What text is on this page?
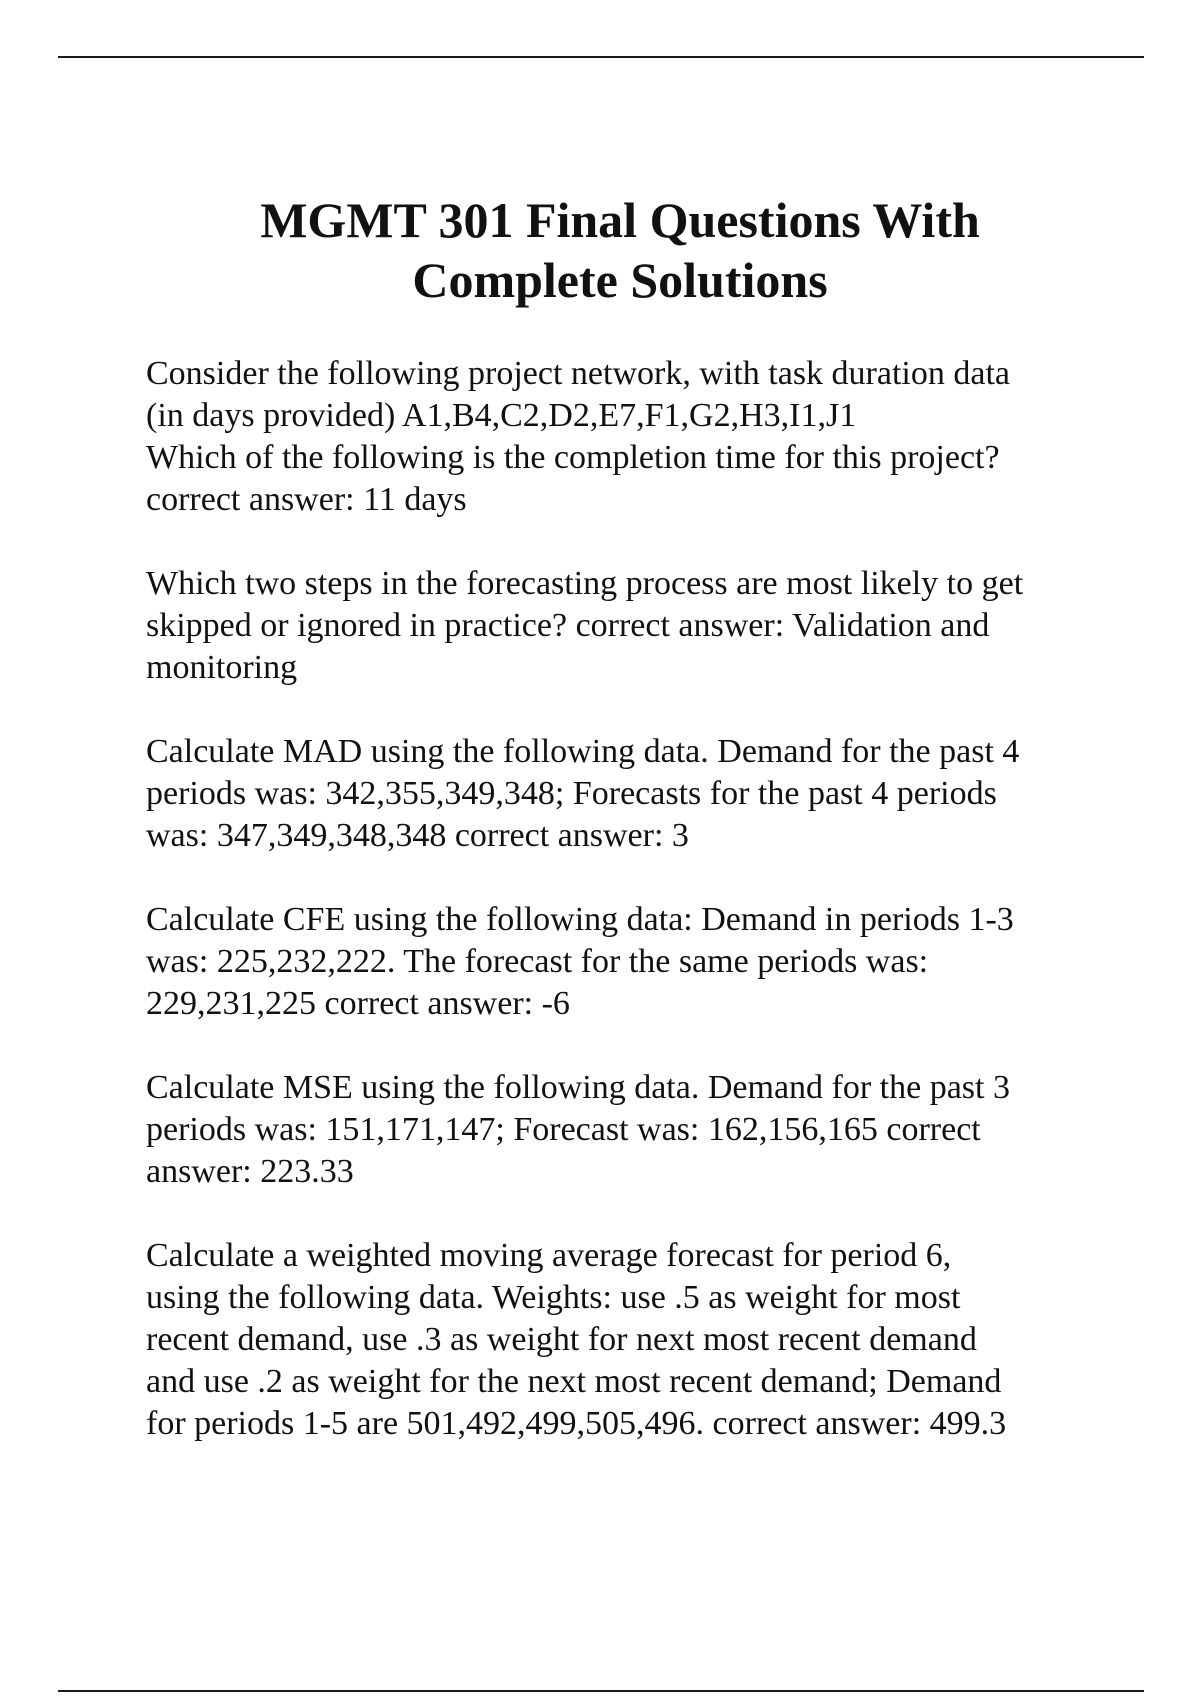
MGMT 301 Final Questions With
Complete Solutions

Consider the following project network, with task duration data
(in days provided) A1,B4,C2,D2,E7,F1,G2,H3,I1,J1
Which of the following is the completion time for this project?
correct answer: 11 days

Which two steps in the forecasting process are most likely to get
skipped or ignored in practice? correct answer: Validation and
monitoring

Calculate MAD using the following data. Demand for the past 4
periods was: 342,355,349,348; Forecasts for the past 4 periods
was: 347,349,348,348 correct answer: 3

Calculate CFE using the following data: Demand in periods 1-3
was: 225,232,222. The forecast for the same periods was:
229,231,225 correct answer: -6

Calculate MSE using the following data. Demand for the past 3
periods was: 151,171,147; Forecast was: 162,156,165 correct
answer: 223.33

Calculate a weighted moving average forecast for period 6,
using the following data. Weights: use .5 as weight for most
recent demand, use .3 as weight for next most recent demand
and use .2 as weight for the next most recent demand; Demand
for periods 1-5 are 501,492,499,505,496. correct answer: 499.3
